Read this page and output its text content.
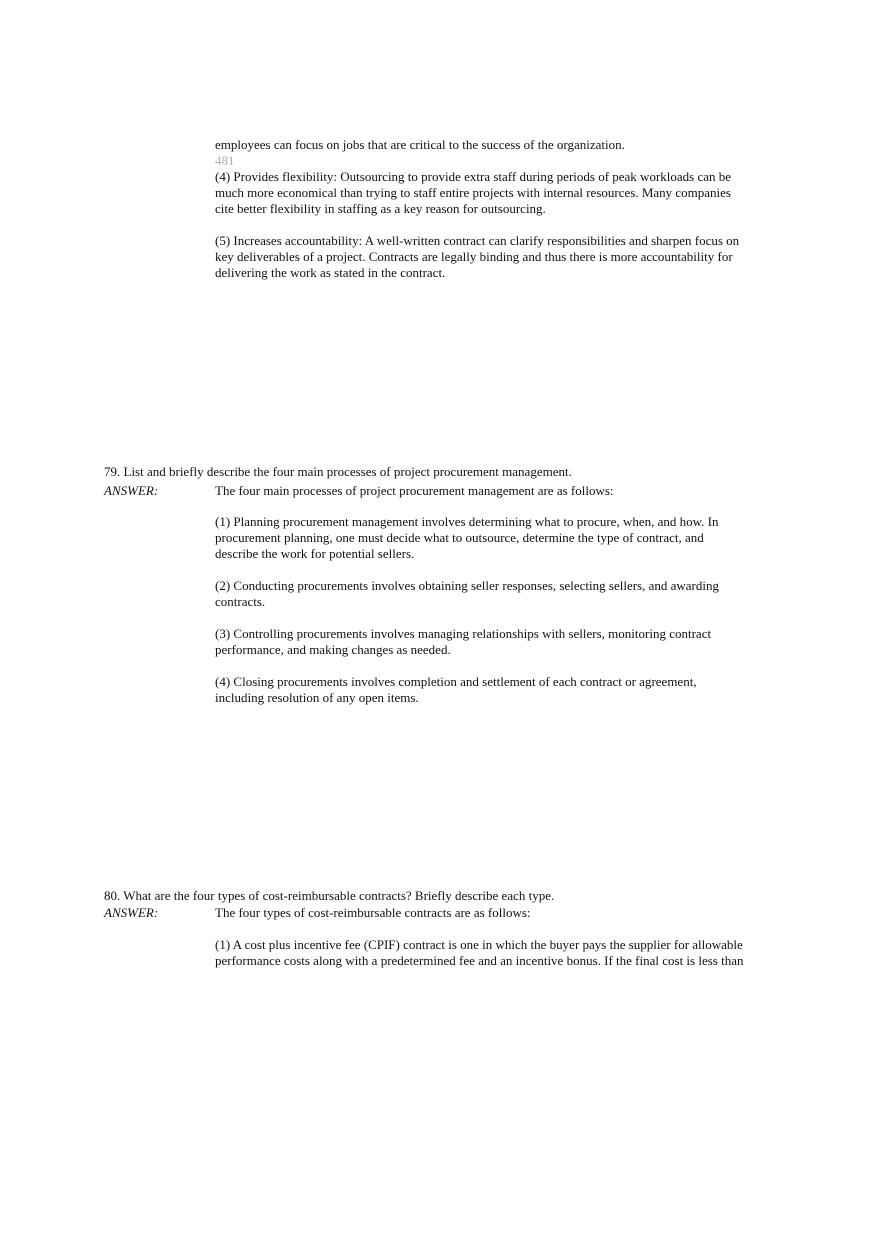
employees can focus on jobs that are critical to the success of the organization.

481

(4) Provides flexibility: Outsourcing to provide extra staff during periods of peak workloads can be

much more economical than trying to staff entire projects with internal resources. Many companies

cite better flexibility in staffing as a key reason for outsourcing.

(5) Increases accountability: A well-written contract can clarify responsibilities and sharpen focus on

key deliverables of a project. Contracts are legally binding and thus there is more accountability for

delivering the work as stated in the contract.

79. List and briefly describe the four main processes of project procurement management.
ANSWER:	The four main processes of project procurement management are as follows:

(1) Planning procurement management involves determining what to procure, when, and how. In

procurement planning, one must decide what to outsource, determine the type of contract, and

describe the work for potential sellers.

(2) Conducting procurements involves obtaining seller responses, selecting sellers, and awarding

contracts.

(3) Controlling procurements involves managing relationships with sellers, monitoring contract

performance, and making changes as needed.

(4) Closing procurements involves completion and settlement of each contract or agreement,

including resolution of any open items.

80. What are the four types of cost-reimbursable contracts? Briefly describe each type.
ANSWER:	The four types of cost-reimbursable contracts are as follows:

(1) A cost plus incentive fee (CPIF) contract is one in which the buyer pays the supplier for allowable

performance costs along with a predetermined fee and an incentive bonus. If the final cost is less than
